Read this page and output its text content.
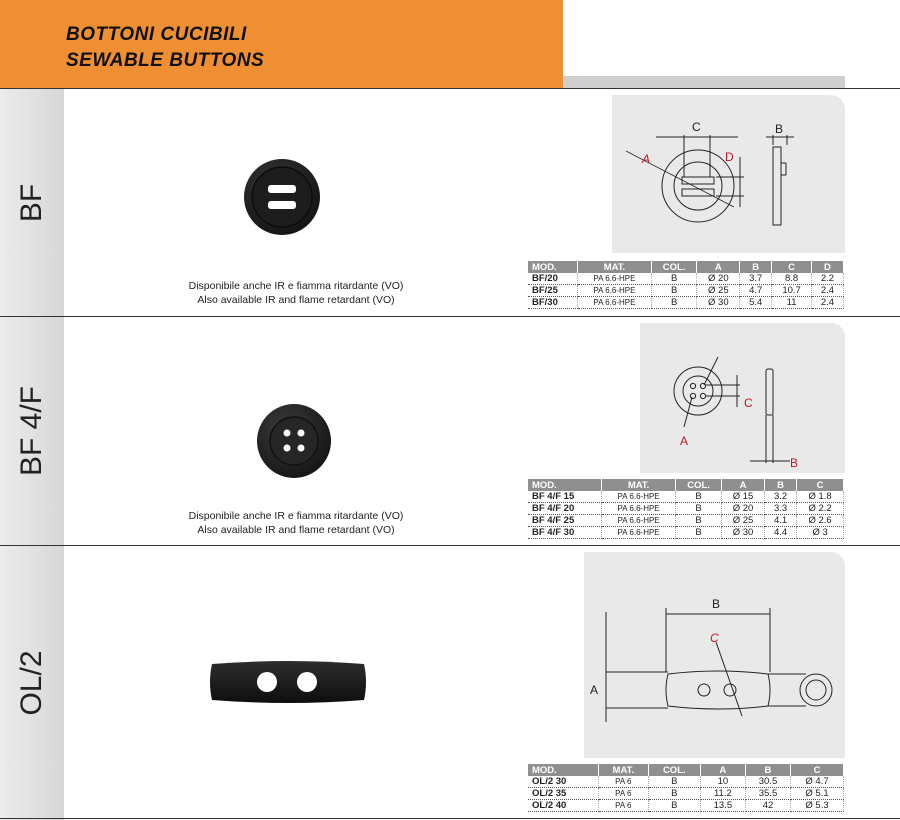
BOTTONI CUCIBILI
SEWABLE BUTTONS
BF
Disponibile anche IR e fiamma ritardante (VO)
Also available IR and flame retardant (VO)
A
B
C
D
MOD.	MAT.	COL.	A	B	C	D
BF/20	PA 6.6-HPE	B	Ø 20	3.7	8.8	2.2
BF/25	PA 6.6-HPE	B	Ø 25	4.7	10.7	2.4
BF/30	PA 6.6-HPE	B	Ø 30	5.4	11	2.4
BF 4/F
Disponibile anche IR e fiamma ritardante (VO)
Also available IR and flame retardant (VO)
A
B
C
MOD.	MAT.	COL.	A	B	C
BF 4/F 15	PA 6.6-HPE	B	Ø 15	3.2	Ø 1.8
BF 4/F 20	PA 6.6-HPE	B	Ø 20	3.3	Ø 2.2
BF 4/F 25	PA 6.6-HPE	B	Ø 25	4.1	Ø 2.6
BF 4/F 30	PA 6.6-HPE	B	Ø 30	4.4	Ø 3
OL/2	A
B
C
MOD.	MAT.	COL.	A	B	C
OL/2 30	PA 6	B	10	30.5	Ø 4.7
OL/2 35	PA 6	B	11.2	35.5	Ø 5.1
OL/2 40	PA 6	B	13.5	42	Ø 5.3
